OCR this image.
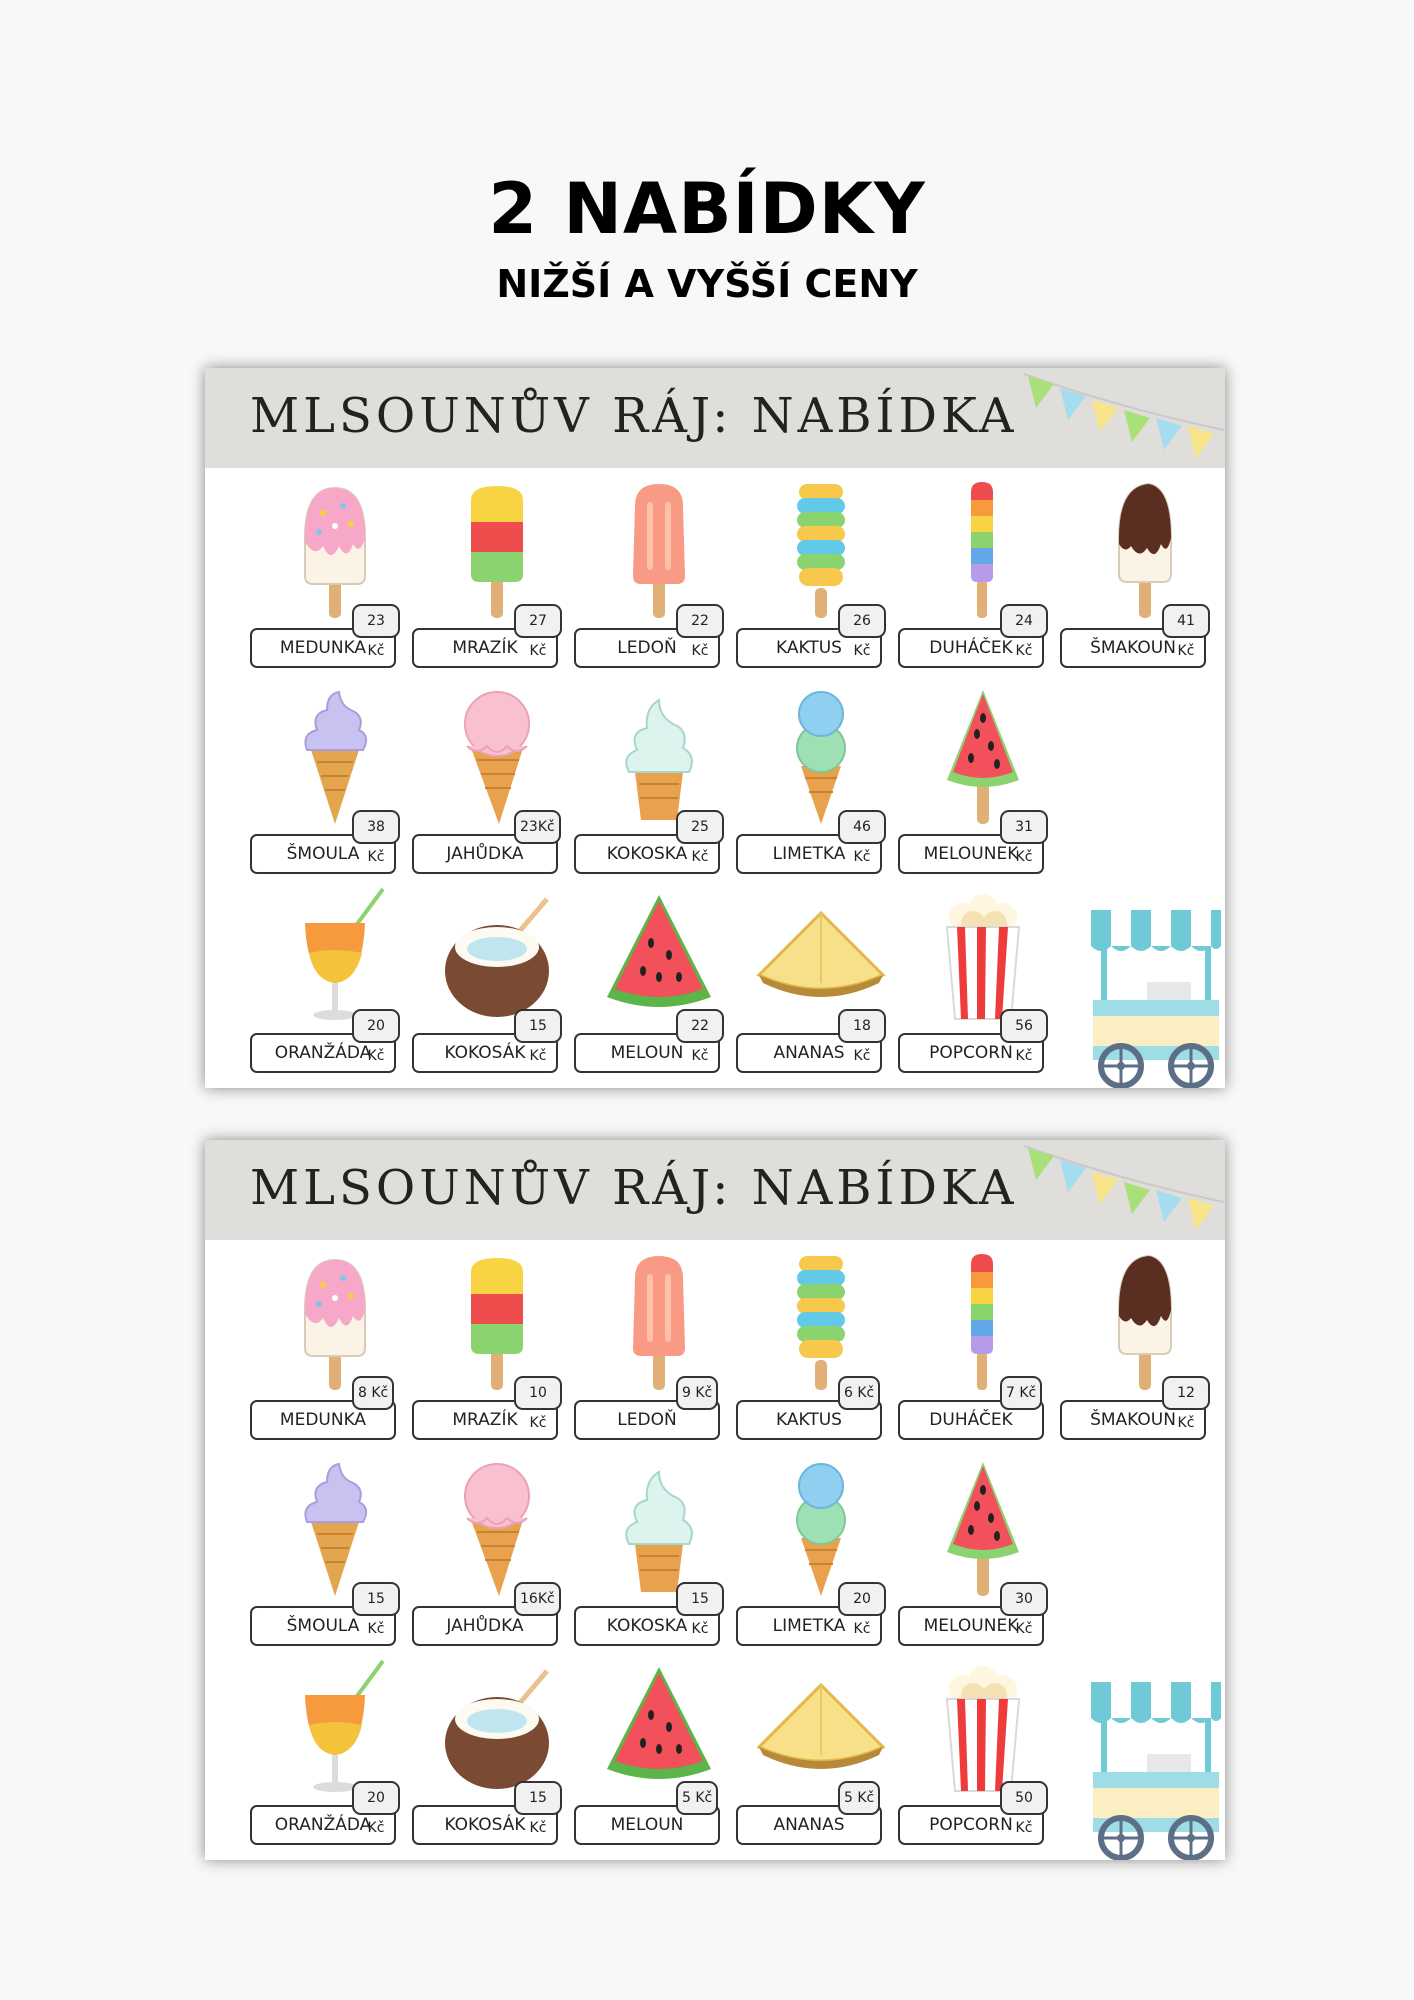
2 NABÍDKY
NIŽŠÍ A VYŠŠÍ CENY
MLSOUNŮV RÁJ: NABÍDKA
23 Kč
MEDUNKA
27 Kč
MRAZÍK
22 Kč
LEDOŇ
26 Kč
KAKTUS
24 Kč
DUHÁČEK
41 Kč
ŠMAKOUN
38 Kč
ŠMOULA
23Kč
JAHŮDKA
25 Kč
KOKOSKA
46 Kč
LIMETKA
31 Kč
MELOUNEK
20 Kč
ORANŽÁDA
15 Kč
KOKOSÁK
22 Kč
MELOUN
18 Kč
ANANAS
56 Kč
POPCORN
MLSOUNŮV RÁJ: NABÍDKA
8 Kč
MEDUNKA
10 Kč
MRAZÍK
9 Kč
LEDOŇ
6 Kč
KAKTUS
7 Kč
DUHÁČEK
12 Kč
ŠMAKOUN
15 Kč
ŠMOULA
16Kč
JAHŮDKA
15 Kč
KOKOSKA
20 Kč
LIMETKA
30 Kč
MELOUNEK
20 Kč
ORANŽÁDA
15 Kč
KOKOSÁK
5 Kč
MELOUN
5 Kč
ANANAS
50 Kč
POPCORN
